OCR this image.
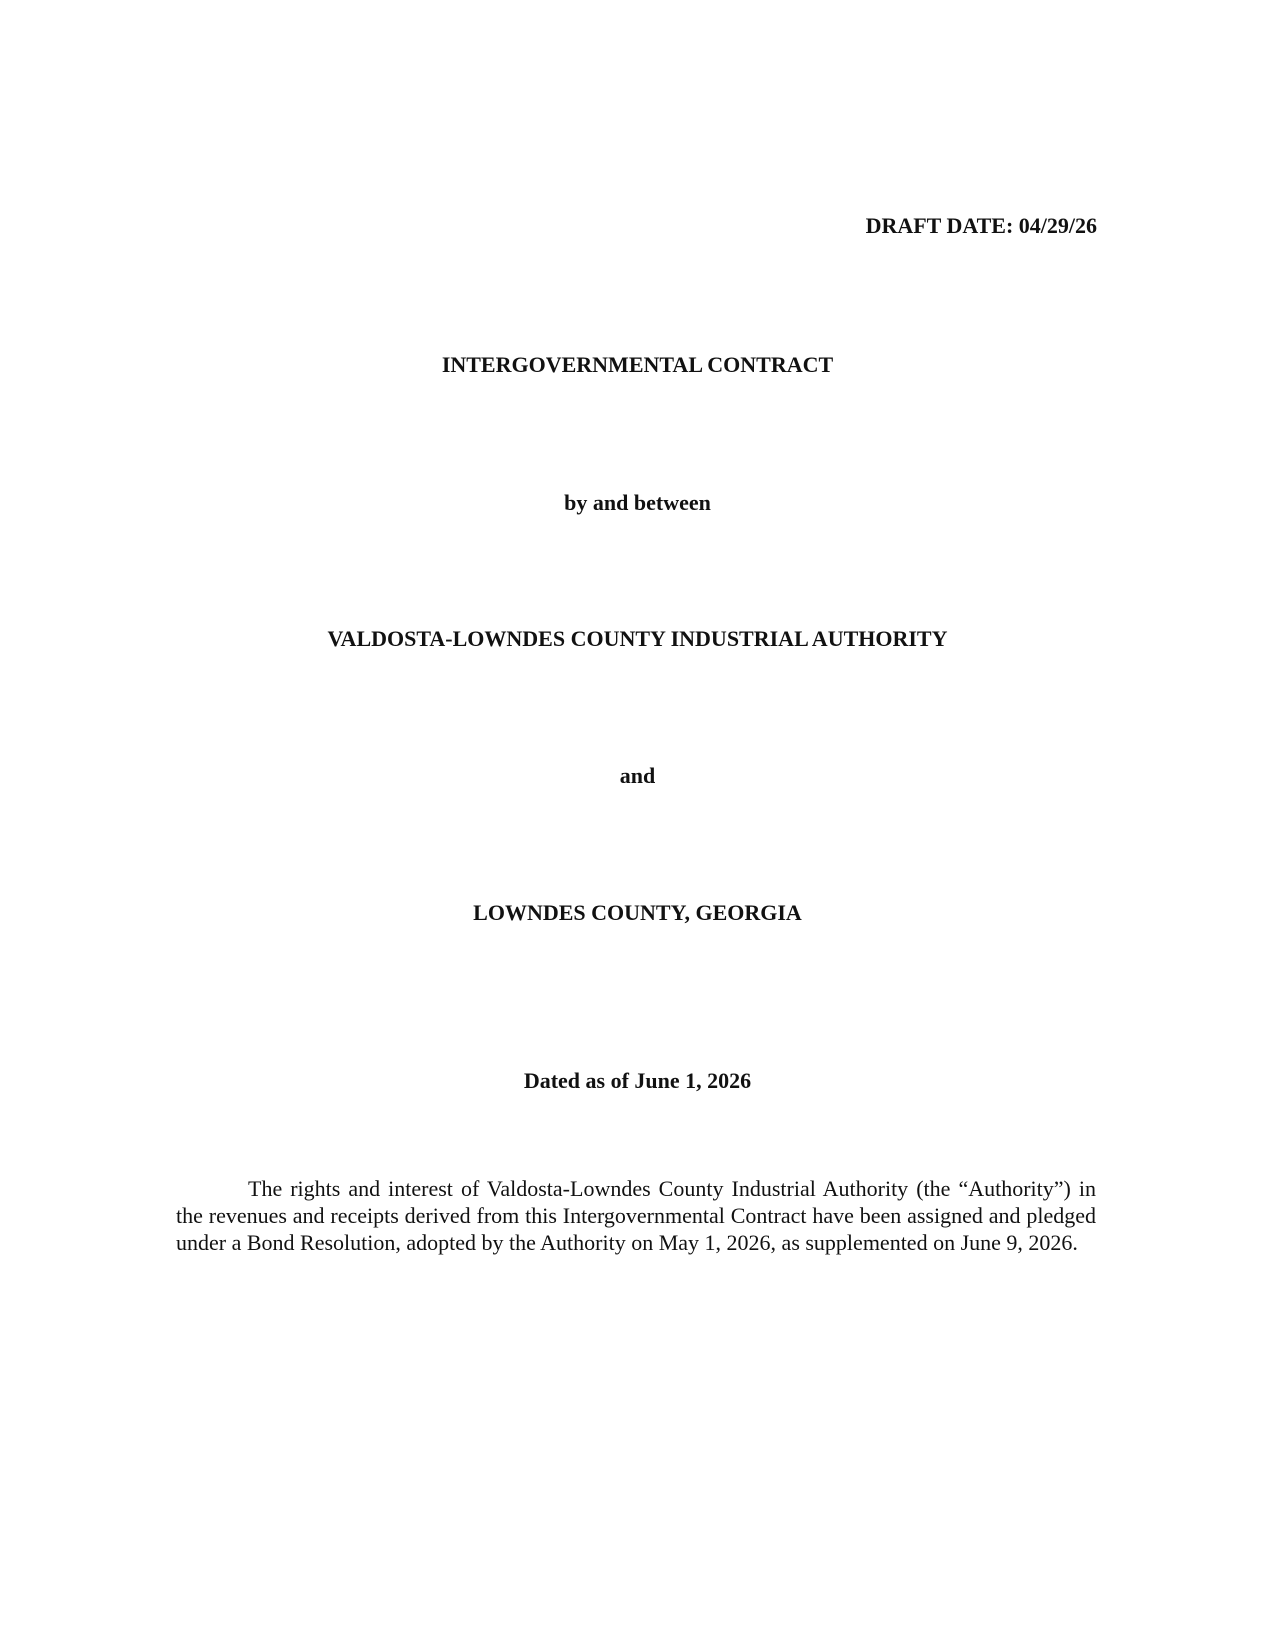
DRAFT DATE: 04/29/26
INTERGOVERNMENTAL CONTRACT
by and between
VALDOSTA-LOWNDES COUNTY INDUSTRIAL AUTHORITY
and
LOWNDES COUNTY, GEORGIA
Dated as of June 1, 2026

The rights and interest of Valdosta-Lowndes County Industrial Authority (the “Authority”) in the revenues and receipts derived from this Intergovernmental Contract have been assigned and pledged under a Bond Resolution, adopted by the Authority on May 1, 2026, as supplemented on June 9, 2026.
